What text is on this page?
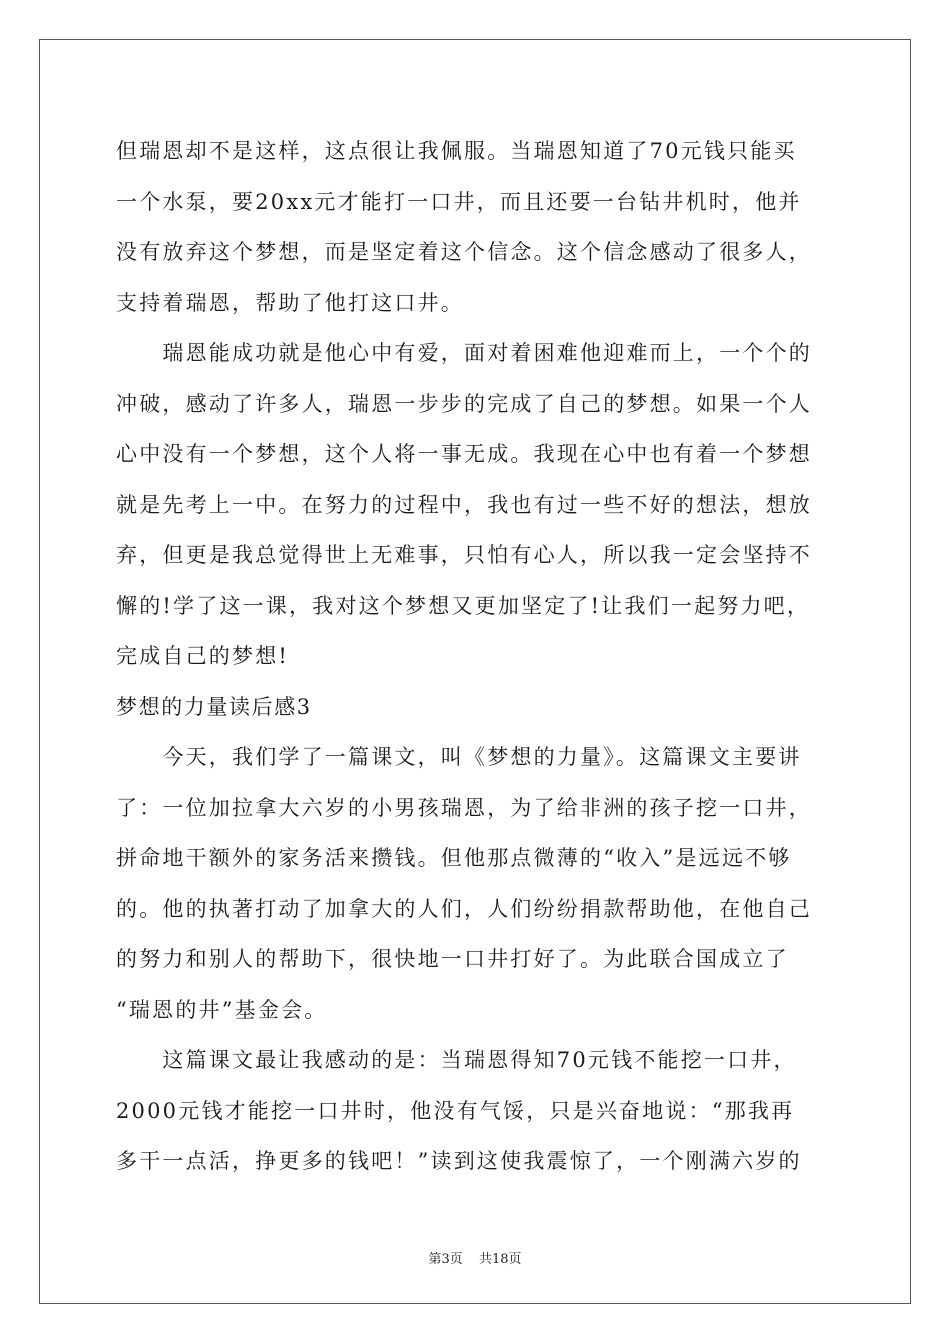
但瑞恩却不是这样，这点很让我佩服。当瑞恩知道了70元钱只能买
一个水泵，要20xx元才能打一口井，而且还要一台钻井机时，他并
没有放弃这个梦想，而是坚定着这个信念。这个信念感动了很多人，
支持着瑞恩，帮助了他打这口井。
　　瑞恩能成功就是他心中有爱，面对着困难他迎难而上，一个个的
冲破，感动了许多人，瑞恩一步步的完成了自己的梦想。如果一个人
心中没有一个梦想，这个人将一事无成。我现在心中也有着一个梦想
就是先考上一中。在努力的过程中，我也有过一些不好的想法，想放
弃，但更是我总觉得世上无难事，只怕有心人，所以我一定会坚持不
懈的!学了这一课，我对这个梦想又更加坚定了!让我们一起努力吧，
完成自己的梦想!
梦想的力量读后感3
　　今天，我们学了一篇课文，叫《梦想的力量》。这篇课文主要讲
了：一位加拉拿大六岁的小男孩瑞恩，为了给非洲的孩子挖一口井，
拼命地干额外的家务活来攒钱。但他那点微薄的“收入”是远远不够
的。他的执著打动了加拿大的人们，人们纷纷捐款帮助他，在他自己
的努力和别人的帮助下，很快地一口井打好了。为此联合国成立了
“瑞恩的井”基金会。
　　这篇课文最让我感动的是：当瑞恩得知70元钱不能挖一口井，
2000元钱才能挖一口井时，他没有气馁，只是兴奋地说：“那我再
多干一点活，挣更多的钱吧！”读到这使我震惊了，一个刚满六岁的
第3页 共18页
